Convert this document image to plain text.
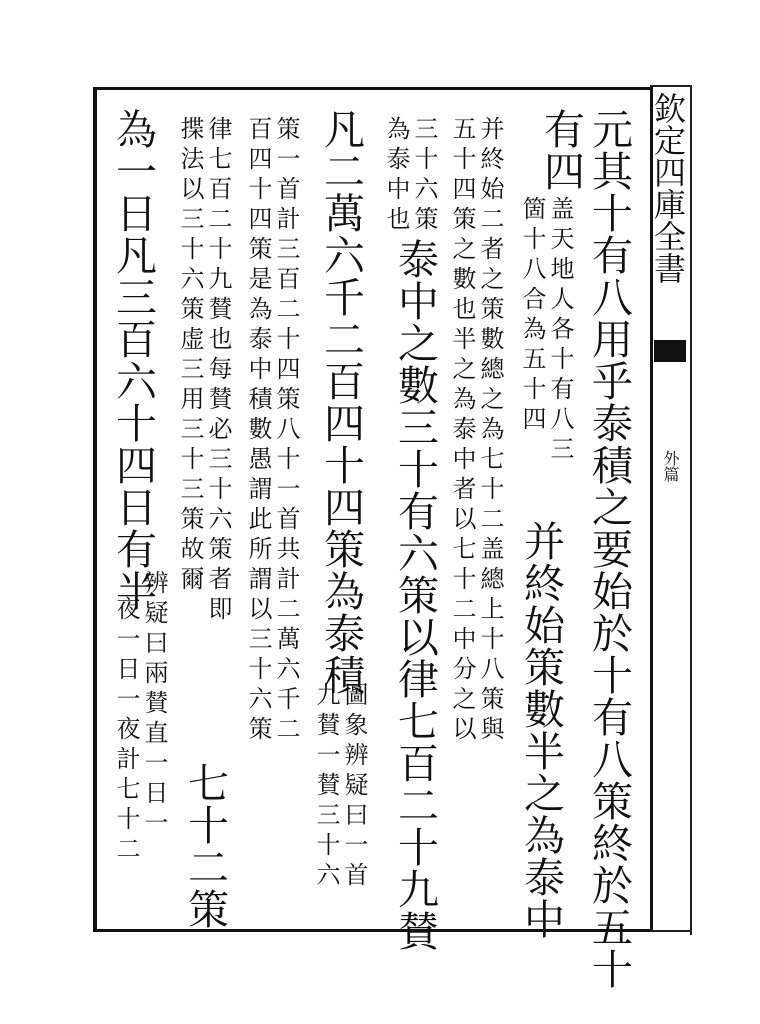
欽定四庫全書
外篇
元其十有八用乎泰積之要始於十有八策終於五十
有四
盖天地人各十有八三
箇十八合為五十四
并終始二者之策數總之為七十二盖總上十八策與
五十四策之數也半之為泰中者以七十二中分之以 并終始策數半之為泰中
三十六策
為泰中也
泰中之數三十有六策以律七百二十九賛
凡二萬六千二百四十四策為泰積
圖象辨疑曰一首
九賛一賛三十六
策一首計三百二十四策八十一首共計二萬六千二
百四十四策是為泰中積數愚謂此所謂以三十六策
律七百二十九賛也每賛必三十六策者即
揲法以三十六策虚三用三十三策故爾
七十二策
為一日凡三百六十四日有半
辨疑曰兩賛直一日一
夜一日一夜計七十二
